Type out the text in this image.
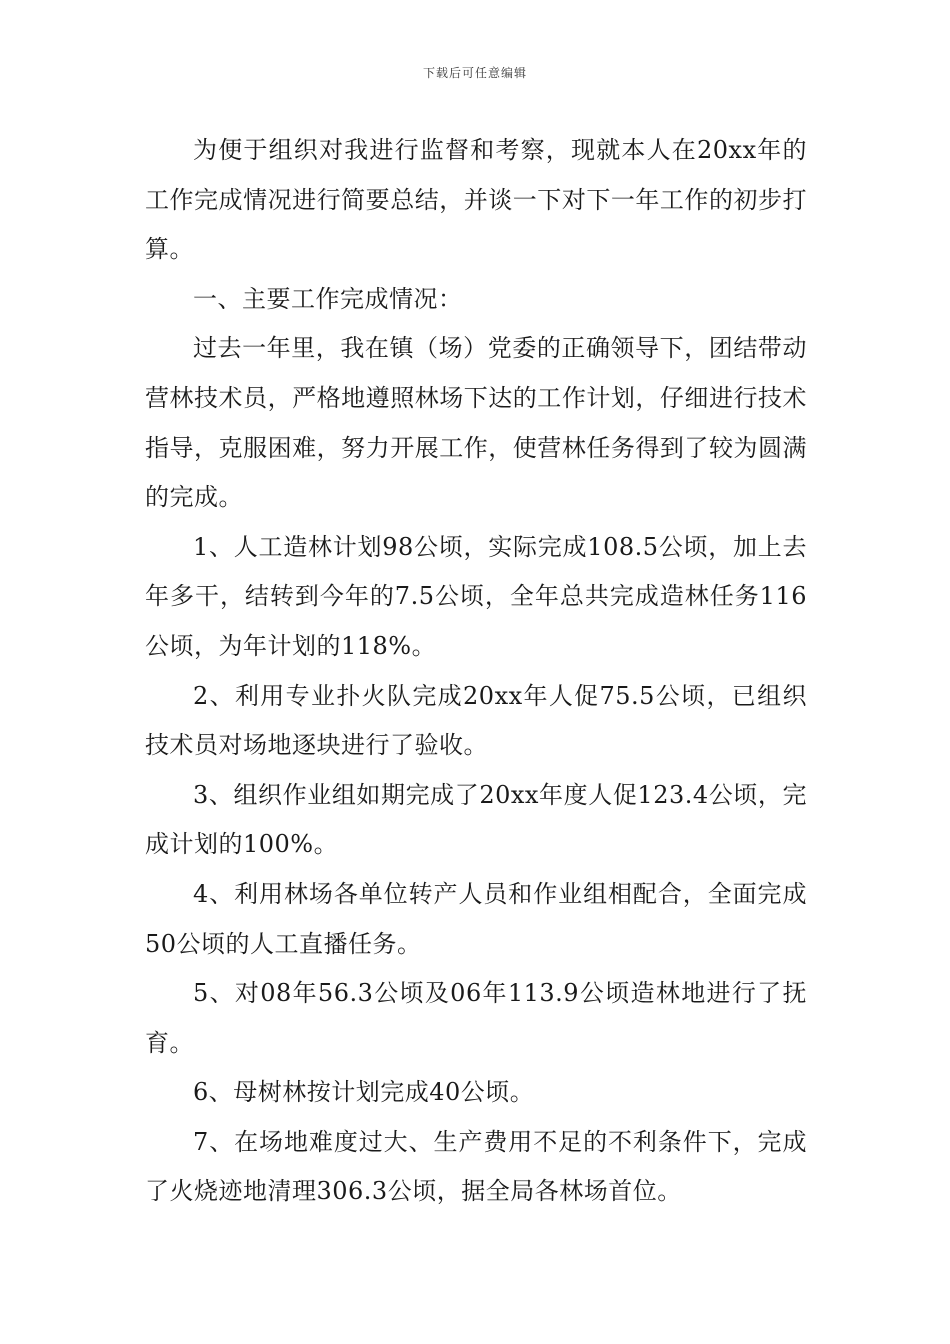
下载后可任意编辑

为便于组织对我进行监督和考察，现就本人在20xx年的工作完成情况进行简要总结，并谈一下对下一年工作的初步打算。

一、主要工作完成情况：

过去一年里，我在镇（场）党委的正确领导下，团结带动营林技术员，严格地遵照林场下达的工作计划，仔细进行技术指导，克服困难，努力开展工作，使营林任务得到了较为圆满的完成。

1、人工造林计划98公顷，实际完成108.5公顷，加上去年多干，结转到今年的7.5公顷，全年总共完成造林任务116公顷，为年计划的118%。

2、利用专业扑火队完成20xx年人促75.5公顷，已组织技术员对场地逐块进行了验收。

3、组织作业组如期完成了20xx年度人促123.4公顷，完成计划的100%。

4、利用林场各单位转产人员和作业组相配合，全面完成50公顷的人工直播任务。

5、对08年56.3公顷及06年113.9公顷造林地进行了抚育。

6、母树林按计划完成40公顷。

7、在场地难度过大、生产费用不足的不利条件下，完成了火烧迹地清理306.3公顷，据全局各林场首位。
